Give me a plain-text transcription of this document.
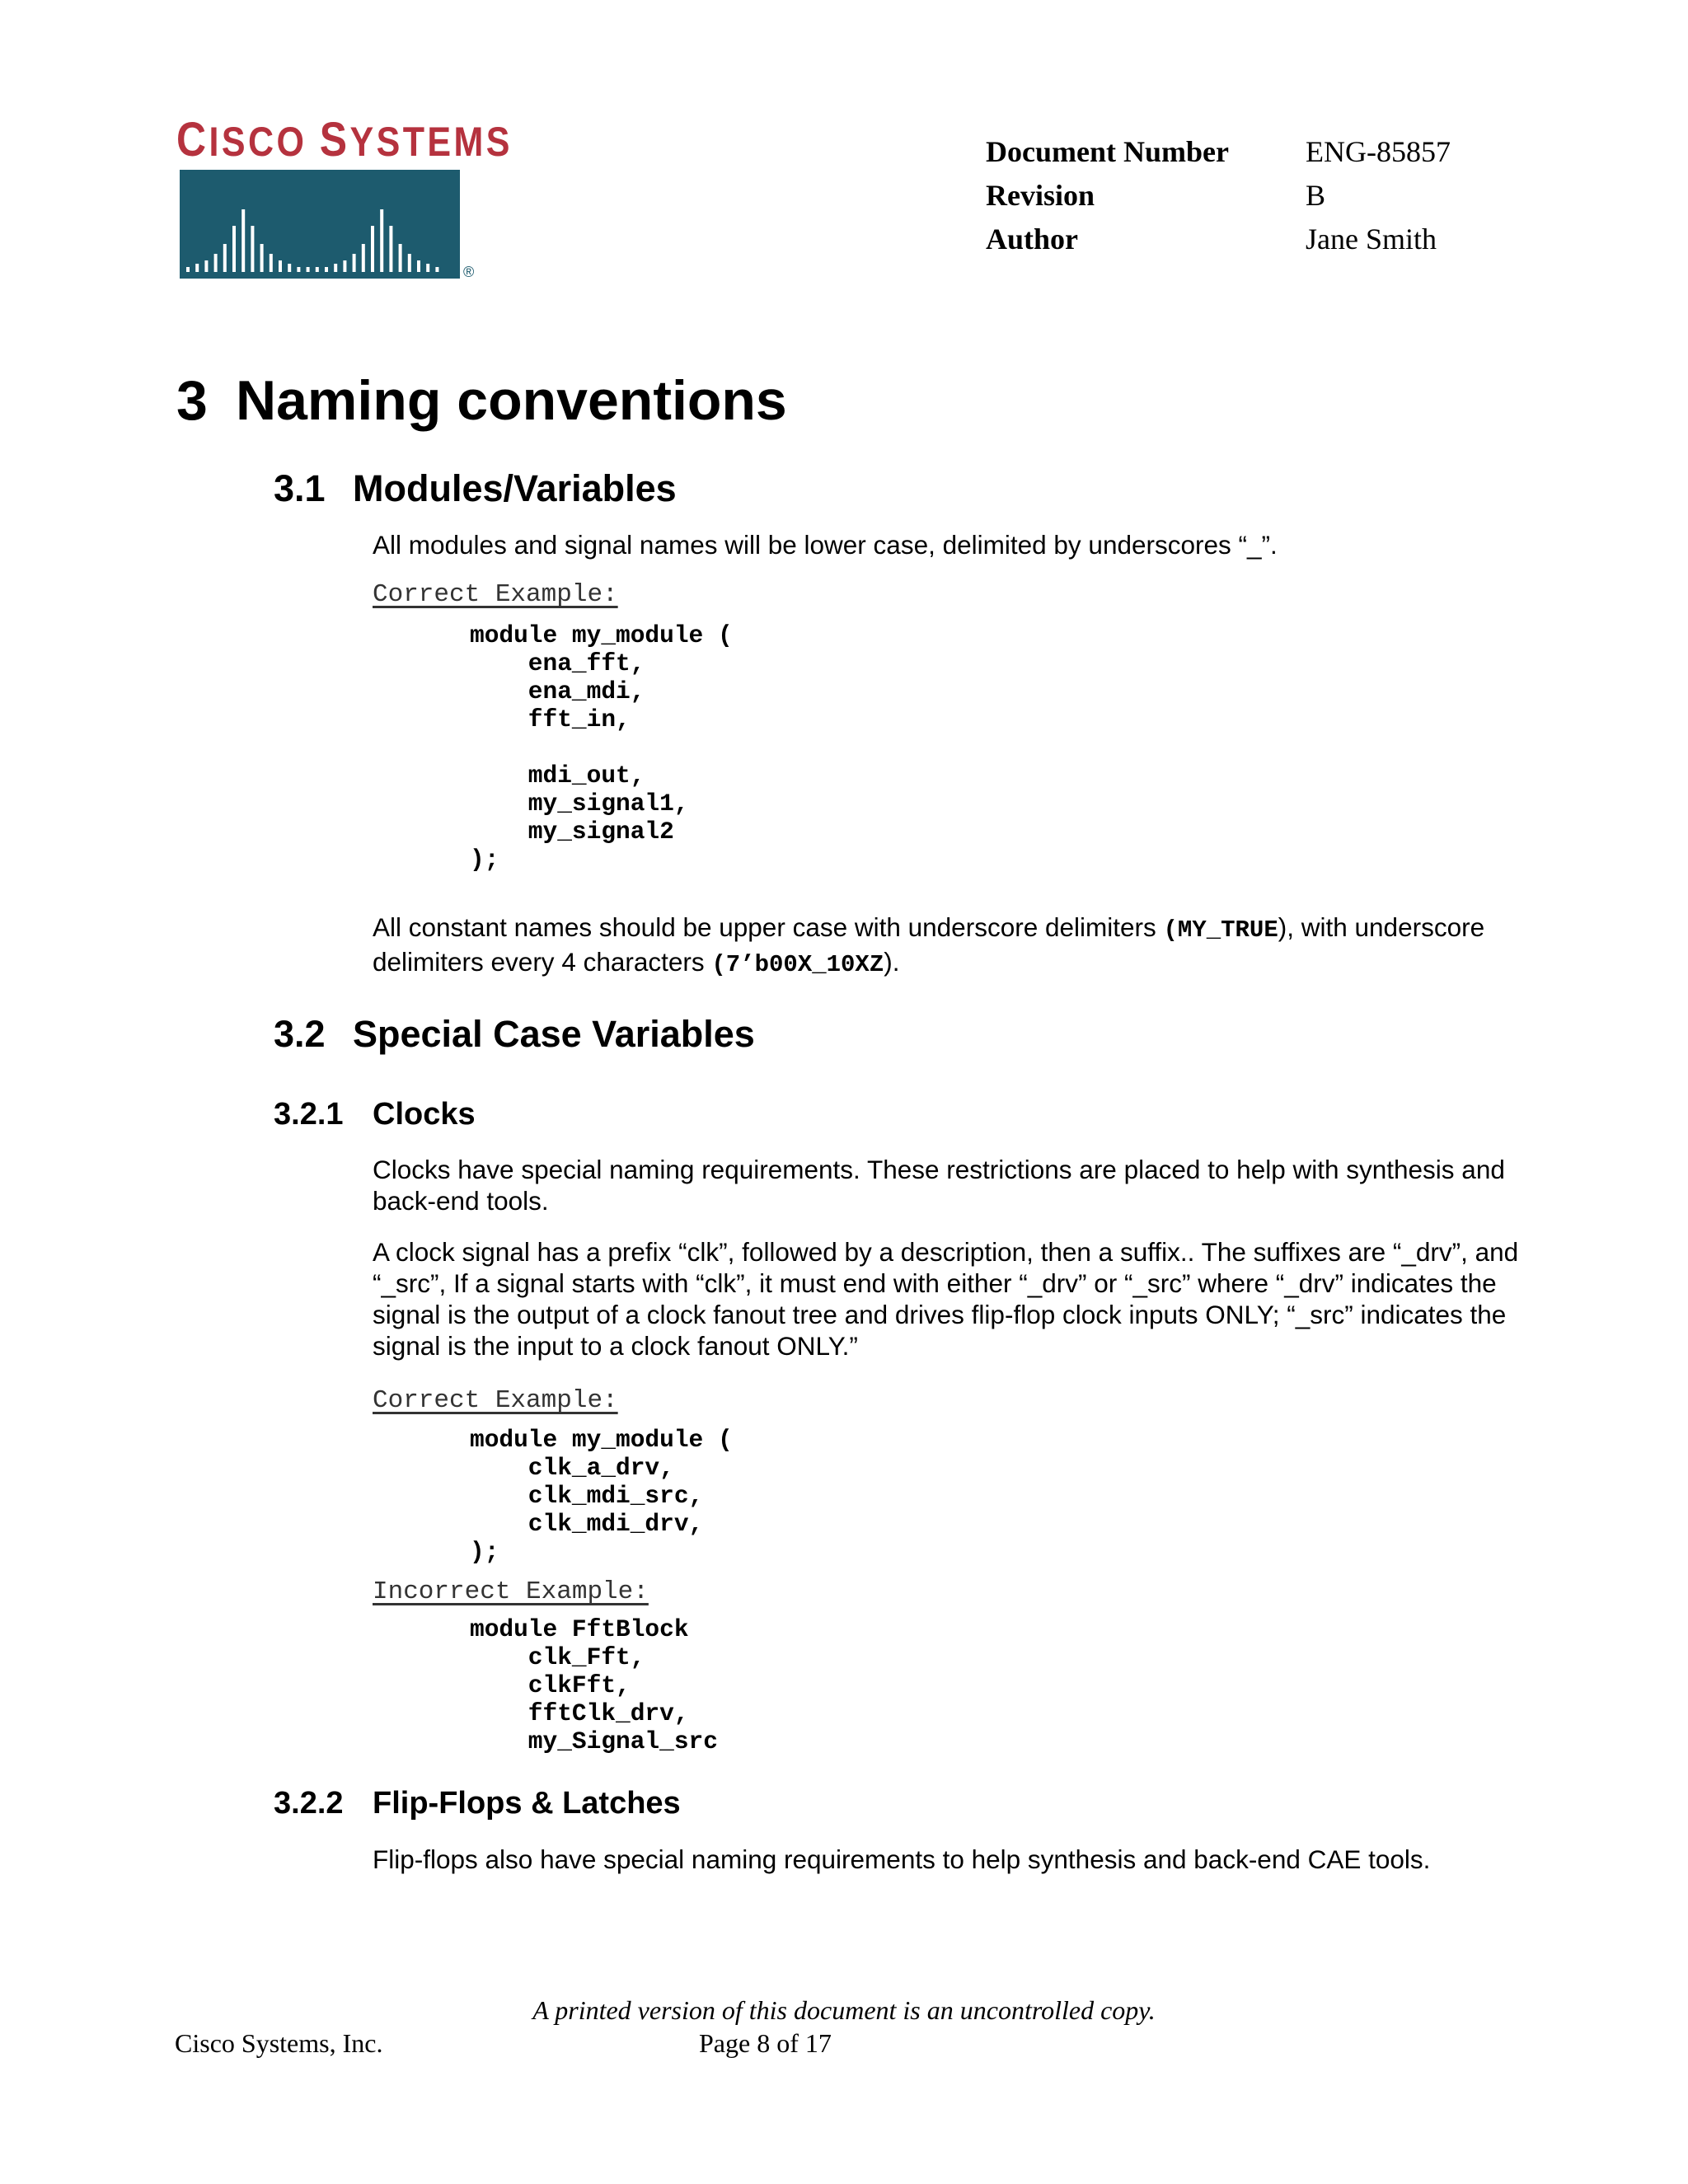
CISCO SYSTEMS
®
Document Number
Revision
Author
ENG-85857
B
Jane Smith
3 Naming conventions
3.1 Modules/Variables
All modules and signal names will be lower case, delimited by underscores “_”.
Correct Example:
module my_module (
ena_fft,
ena_mdi,
fft_in,

mdi_out,
my_signal1,
my_signal2
);
All constant names should be upper case with underscore delimiters (MY_TRUE), with underscore delimiters every 4 characters (7’b00X_10XZ).
3.2 Special Case Variables
3.2.1 Clocks
Clocks have special naming requirements. These restrictions are placed to help with synthesis and back-end tools.
A clock signal has a prefix “clk”, followed by a description, then a suffix.. The suffixes are “_drv”, and “_src”, If a signal starts with “clk”, it must end with either “_drv” or “_src” where “_drv” indicates the signal is the output of a clock fanout tree and drives flip-flop clock inputs ONLY; “_src” indicates the signal is the input to a clock fanout ONLY.”
Correct Example:
module my_module (
clk_a_drv,
clk_mdi_src,
clk_mdi_drv,
);
Incorrect Example:
module FftBlock
clk_Fft,
clkFft,
fftClk_drv,
my_Signal_src
3.2.2 Flip-Flops & Latches
Flip-flops also have special naming requirements to help synthesis and back-end CAE tools.
A printed version of this document is an uncontrolled copy.
Cisco Systems, Inc.	Page 8 of 17
